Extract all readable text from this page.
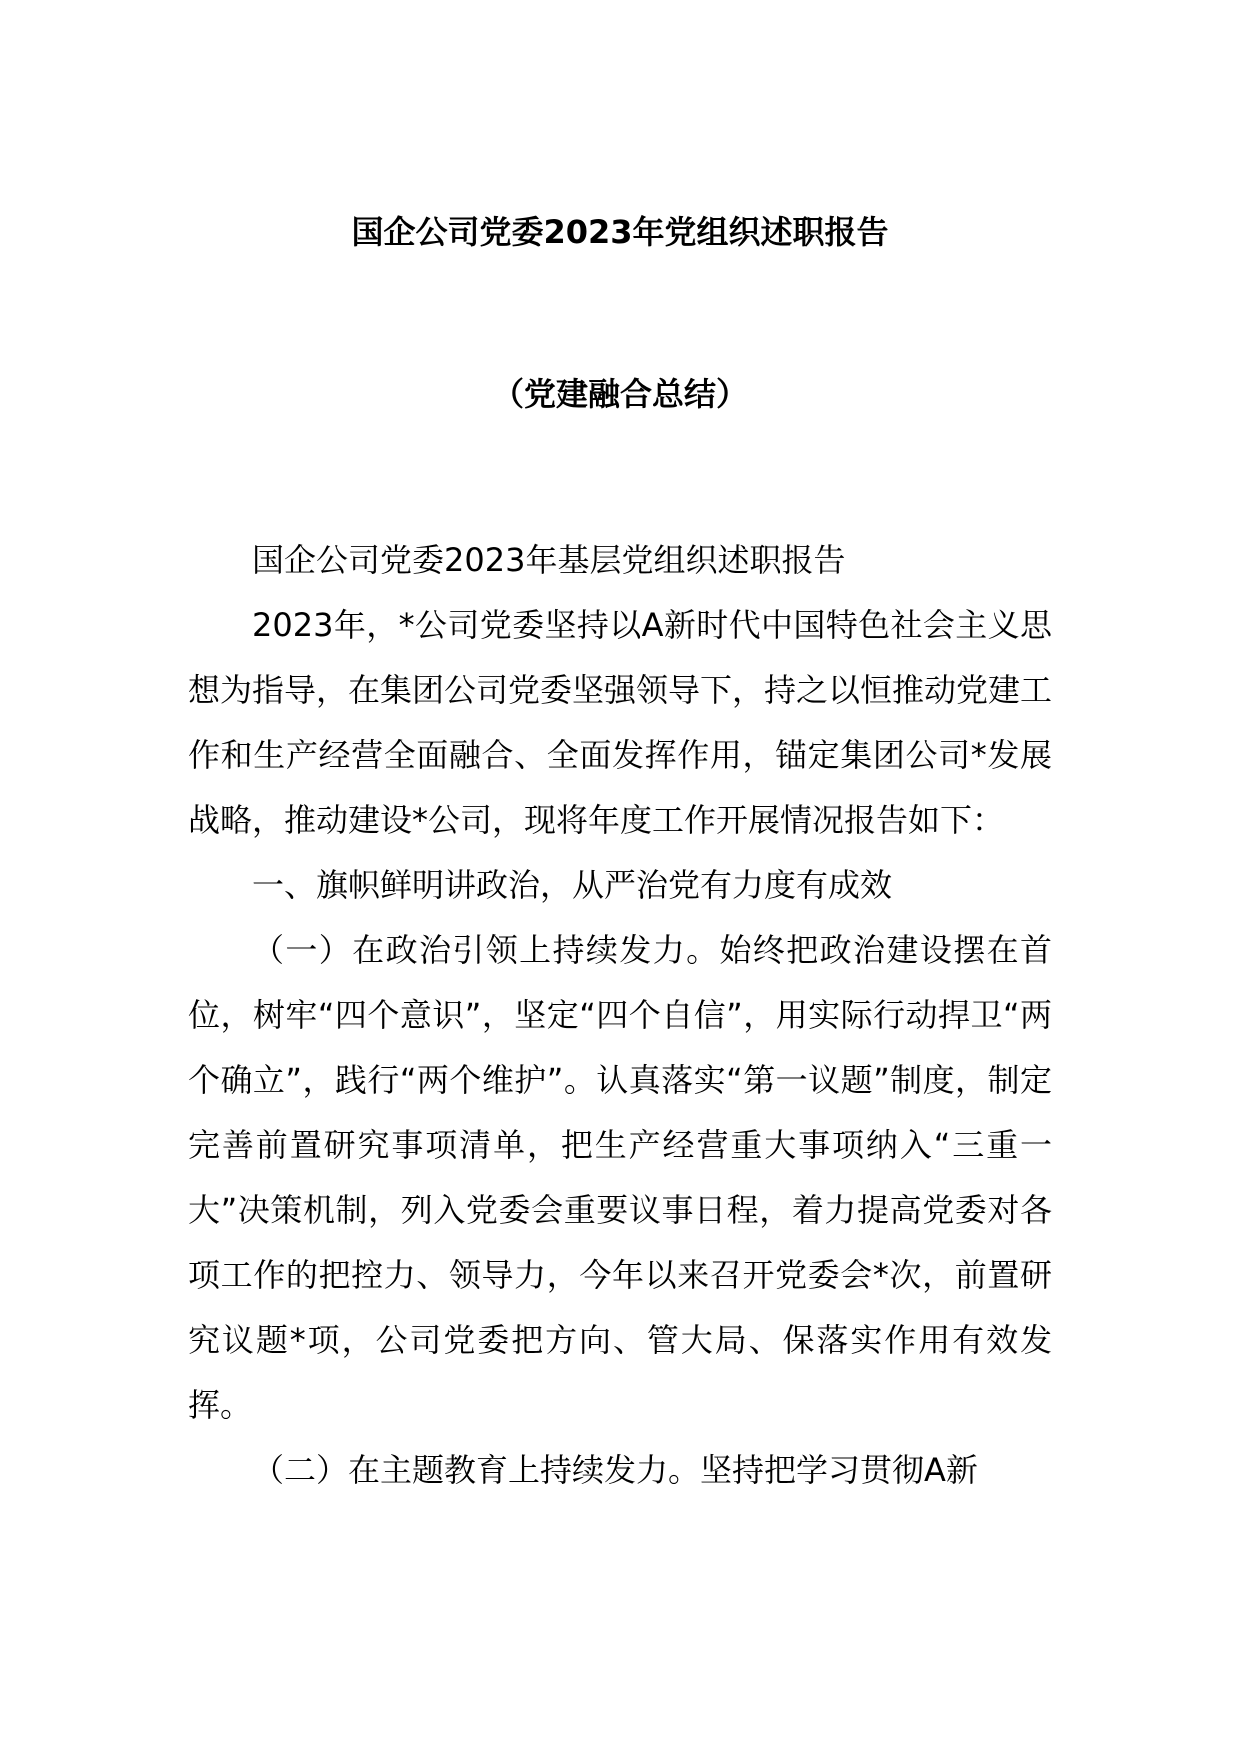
国企公司党委2023年党组织述职报告
（党建融合总结）

国企公司党委2023年基层党组织述职报告

2023年，*公司党委坚持以A新时代中国特色社会主义思想为指导，在集团公司党委坚强领导下，持之以恒推动党建工作和生产经营全面融合、全面发挥作用，锚定集团公司*发展战略，推动建设*公司，现将年度工作开展情况报告如下：

一、旗帜鲜明讲政治，从严治党有力度有成效

（一）在政治引领上持续发力。始终把政治建设摆在首位，树牢“四个意识”，坚定“四个自信”，用实际行动捍卫“两个确立”，践行“两个维护”。认真落实“第一议题”制度，制定完善前置研究事项清单，把生产经营重大事项纳入“三重一大”决策机制，列入党委会重要议事日程，着力提高党委对各项工作的把控力、领导力，今年以来召开党委会*次，前置研究议题*项，公司党委把方向、管大局、保落实作用有效发挥。

（二）在主题教育上持续发力。坚持把学习贯彻A新
